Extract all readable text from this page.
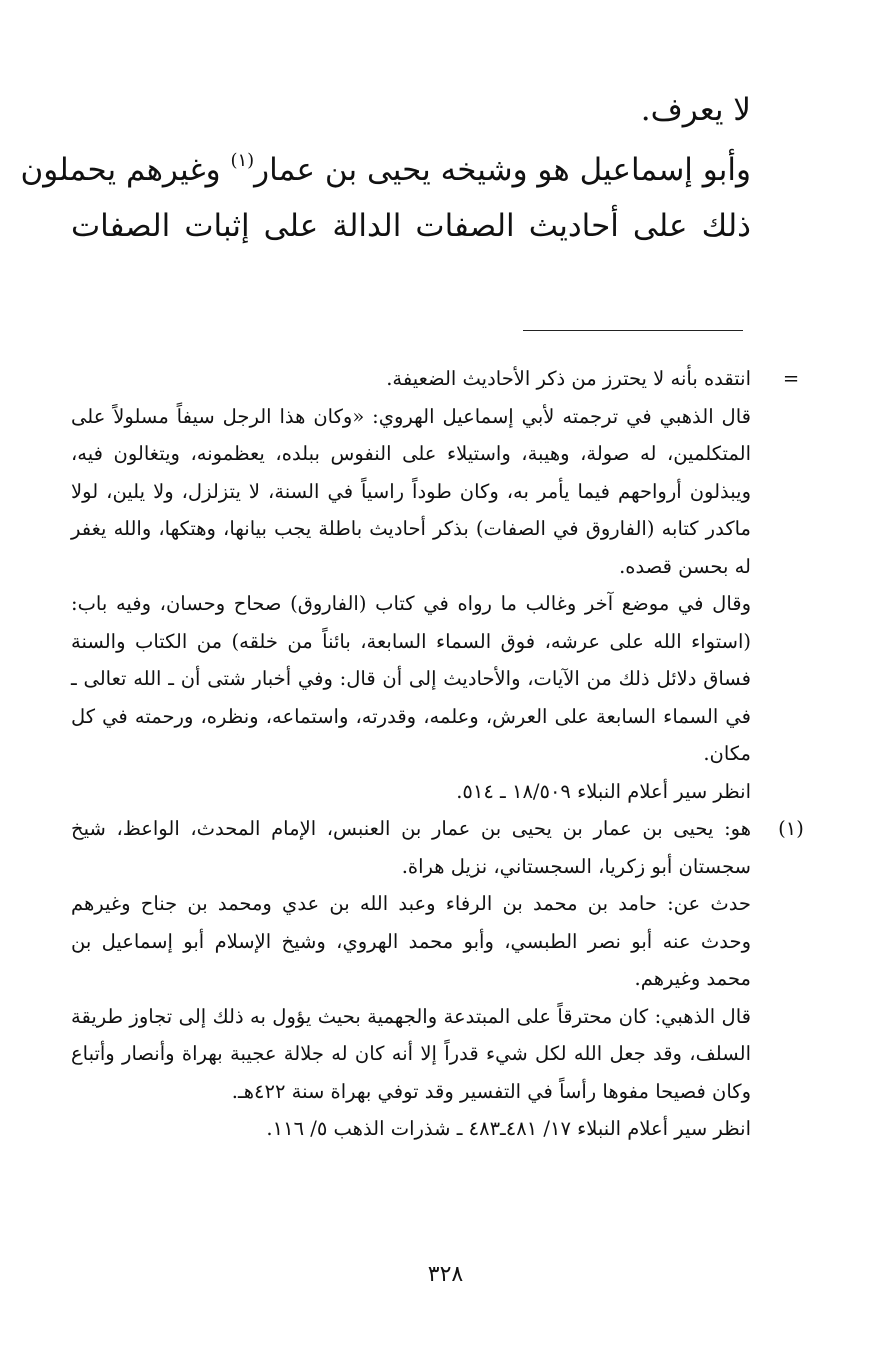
لا يعرف.

وأبو إسماعيل هو وشيخه يحيى بن عمار$^{(١)}$ وغيرهم يحملون

ذلك على أحاديث الصفات الدالة على إثبات الصفات

=

انتقده بأنه لا يحترز من ذكر الأحاديث الضعيفة.

قال الذهبي في ترجمته لأبي إسماعيل الهروي: «وكان هذا الرجل سيفاً مسلولاً على المتكلمين، له صولة، وهيبة، واستيلاء على النفوس ببلده، يعظمونه، ويتغالون فيه، ويبذلون أرواحهم فيما يأمر به، وكان طوداً راسياً في السنة، لا يتزلزل، ولا يلين، لولا ماكدر كتابه (الفاروق في الصفات) بذكر أحاديث باطلة يجب بيانها، وهتكها، والله يغفر له بحسن قصده.

وقال في موضع آخر وغالب ما رواه في كتاب (الفاروق) صحاح وحسان، وفيه باب: (استواء الله على عرشه، فوق السماء السابعة، بائناً من خلقه) من الكتاب والسنة فساق دلائل ذلك من الآيات، والأحاديث إلى أن قال: وفي أخبار شتى أن ـ الله تعالى ـ في السماء السابعة على العرش، وعلمه، وقدرته، واستماعه، ونظره، ورحمته في كل مكان.

انظر سير أعلام النبلاء ١٨/٥٠٩ ـ ٥١٤.

(١)

هو: يحيى بن عمار بن يحيى بن عمار بن العنبس، الإمام المحدث، الواعظ، شيخ سجستان أبو زكريا، السجستاني، نزيل هراة.

حدث عن: حامد بن محمد بن الرفاء وعبد الله بن عدي ومحمد بن جناح وغيرهم وحدث عنه أبو نصر الطبسي، وأبو محمد الهروي، وشيخ الإسلام أبو إسماعيل بن محمد وغيرهم.

قال الذهبي: كان محترقاً على المبتدعة والجهمية بحيث يؤول به ذلك إلى تجاوز طريقة السلف، وقد جعل الله لكل شيء قدراً إلا أنه كان له جلالة عجيبة بهراة وأنصار وأتباع وكان فصيحا مفوها رأساً في التفسير وقد توفي بهراة سنة ٤٢٢هـ.

انظر سير أعلام النبلاء ١٧/ ٤٨١ـ٤٨٣ ـ شذرات الذهب ٥/ ١١٦.

٣٢٨
